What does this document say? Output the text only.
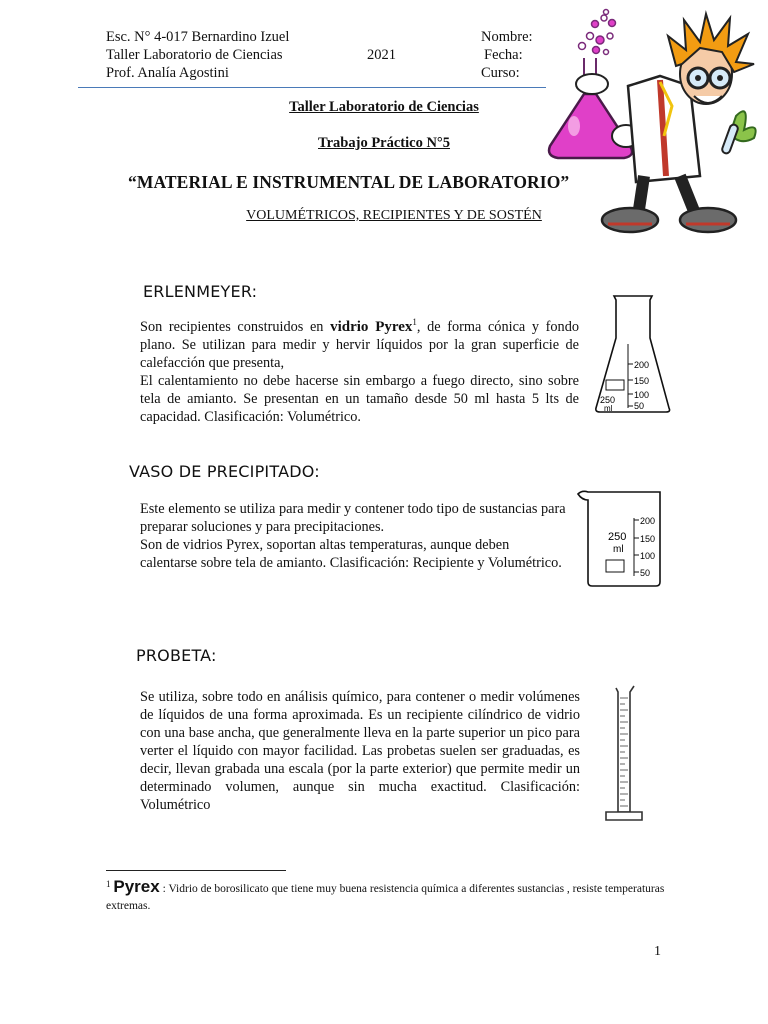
Esc. N° 4-017 Bernardino Izuel
Taller Laboratorio de Ciencias
Prof. Analía Agostini
2021
Nombre:
Fecha:
Curso:
Taller Laboratorio de Ciencias
Trabajo Práctico N°5
“MATERIAL E INSTRUMENTAL DE LABORATORIO”
VOLUMÉTRICOS, RECIPIENTES Y DE SOSTÉN
ERLENMEYER:

Son recipientes construidos en vidrio Pyrex$^1$, de forma cónica y fondo plano. Se utilizan para medir y hervir líquidos por la gran superficie de calefacción que presenta,

El calentamiento no debe hacerse sin embargo a fuego directo, sino sobre tela de amianto. Se presentan en un tamaño desde 50 ml hasta 5 lts de capacidad. Clasificación: Volumétrico.

200
150
100
50
250
ml
VASO DE PRECIPITADO:

Este elemento se utiliza para medir y contener todo tipo de sustancias para preparar soluciones y para precipitaciones.

Son de vidrios Pyrex, soportan altas temperaturas, aunque deben calentarse sobre tela de amianto. Clasificación: Recipiente y Volumétrico.

200
150
100
50
250
ml
PROBETA:

Se utiliza, sobre todo en análisis químico, para contener o medir volúmenes de líquidos de una forma aproximada. Es un recipiente cilíndrico de vidrio con una base ancha, que generalmente lleva en la parte superior un pico para verter el líquido con mayor facilidad. Las probetas suelen ser graduadas, es decir, llevan grabada una escala (por la parte exterior) que permite medir un determinado volumen, aunque sin mucha exactitud. Clasificación: Volumétrico

$^1$ Pyrex : Vidrio de borosilicato que tiene muy buena resistencia química a diferentes sustancias , resiste temperaturas extremas.
1
